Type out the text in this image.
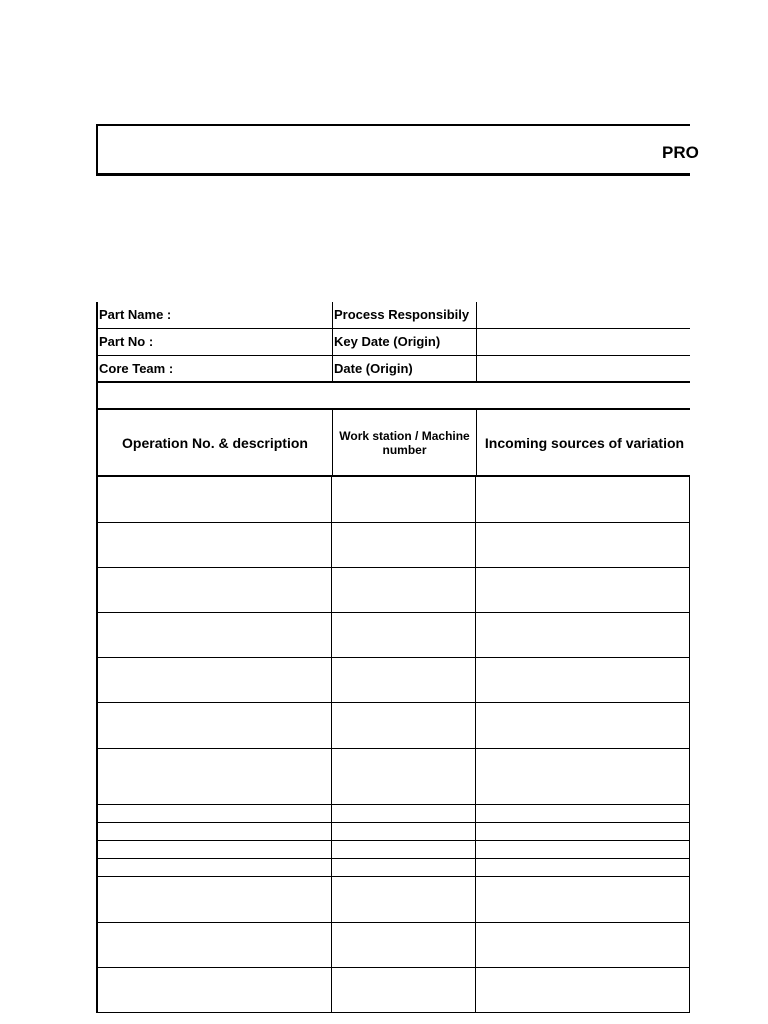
PRO
Part Name :	Process Responsibily
Part No :	Key Date (Origin)
Core Team :	Date (Origin)
Operation No. & description	Work station / Machine number	Incoming sources of variation
